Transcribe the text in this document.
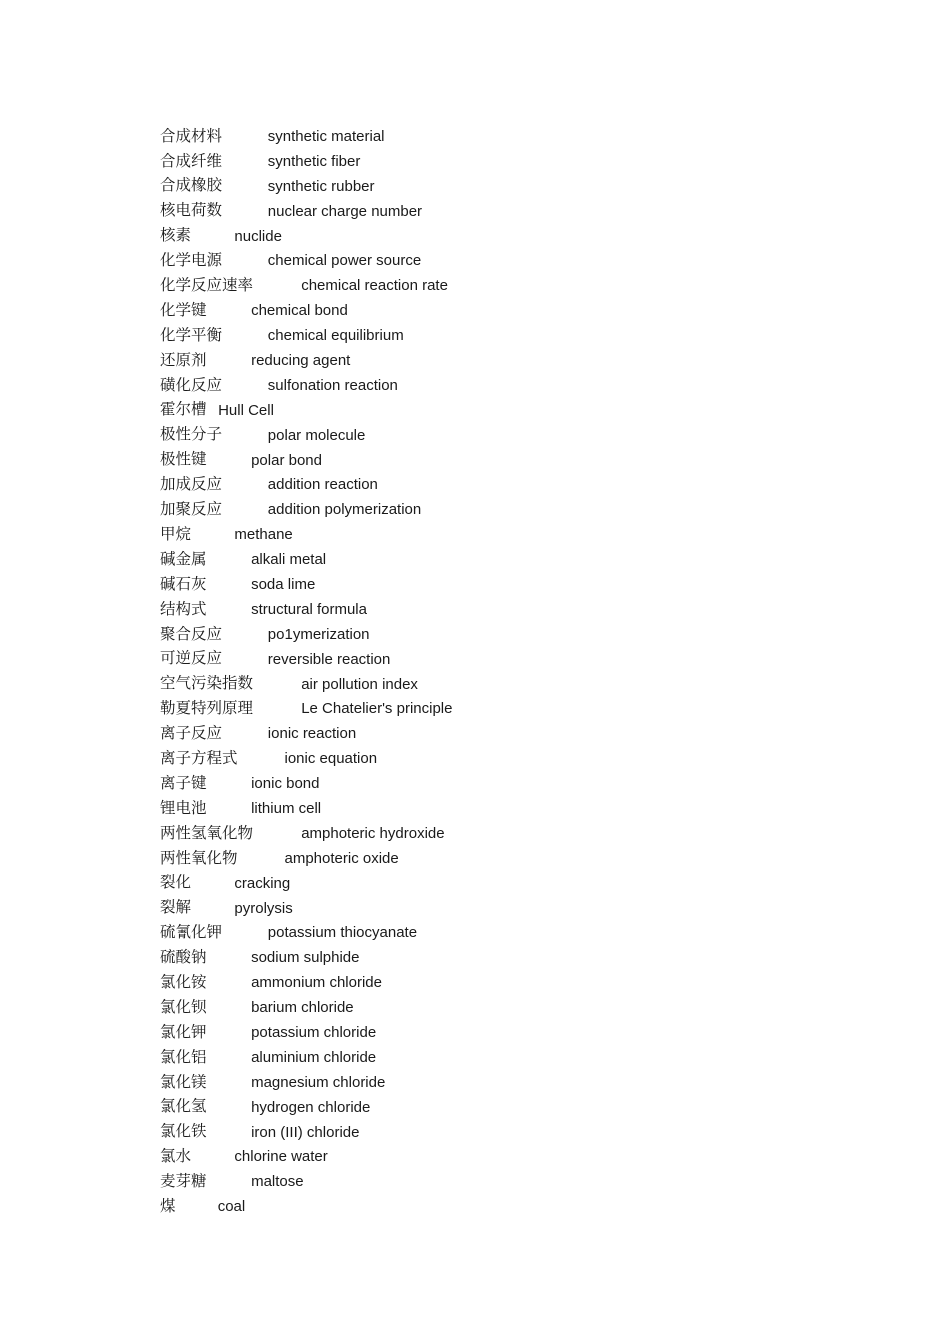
合成材料	synthetic material
合成纤维	synthetic fiber
合成橡胶	synthetic rubber
核电荷数	nuclear charge number
核素	nuclide
化学电源	chemical power source
化学反应速率	chemical reaction rate
化学键	chemical bond
化学平衡	chemical equilibrium
还原剂	reducing agent
磺化反应	sulfonation reaction
霍尔槽 Hull Cell
极性分子	polar molecule
极性键	polar bond
加成反应	addition reaction
加聚反应	addition polymerization
甲烷	methane
碱金属	alkali metal
碱石灰	soda lime
结构式	structural formula
聚合反应	po1ymerization
可逆反应	reversible reaction
空气污染指数	air pollution index
勒夏特列原理	Le Chatelier's principle
离子反应	ionic reaction
离子方程式	ionic equation
离子键	ionic bond
锂电池	lithium cell
两性氢氧化物	amphoteric hydroxide
两性氧化物	amphoteric oxide
裂化	cracking
裂解	pyrolysis
硫氰化钾	potassium thiocyanate
硫酸钠	sodium sulphide
氯化铵	ammonium chloride
氯化钡	barium chloride
氯化钾	potassium chloride
氯化铝	aluminium chloride
氯化镁	magnesium chloride
氯化氢	hydrogen chloride
氯化铁	iron (III) chloride
氯水	chlorine water
麦芽糖	maltose
煤	coal
